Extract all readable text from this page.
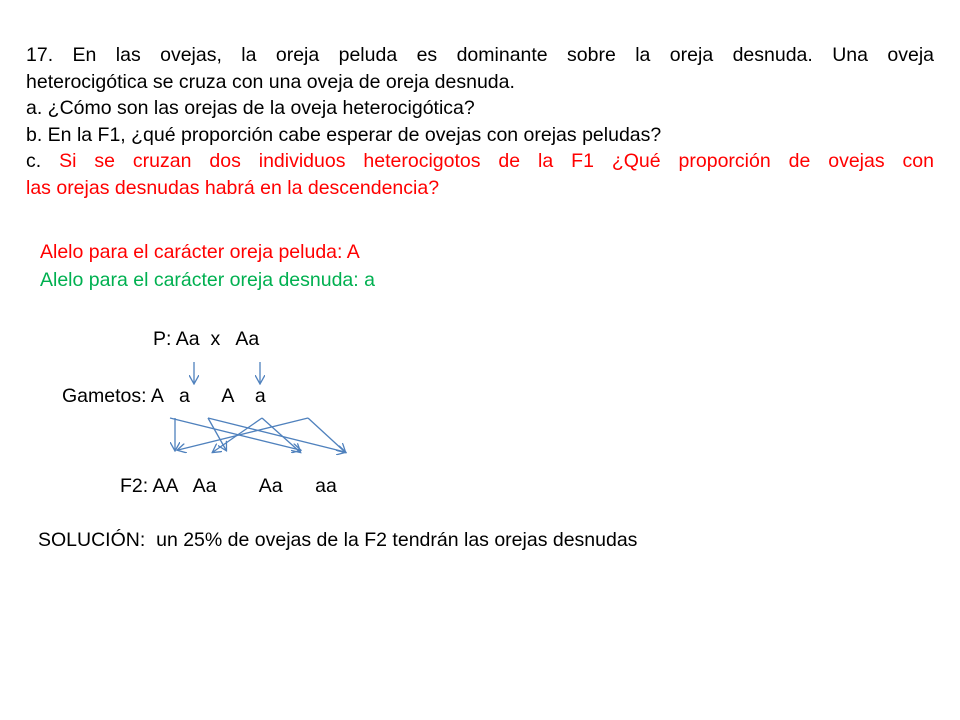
17. En las ovejas, la oreja peluda es dominante sobre la oreja desnuda. Una oveja

heterocigótica se cruza con una oveja de oreja desnuda.

a. ¿Cómo son las orejas de la oveja heterocigótica?

b. En la F1, ¿qué proporción cabe esperar de ovejas con orejas peludas?

c. Si se cruzan dos individuos heterocigotos de la F1 ¿Qué proporción de ovejas con

las orejas desnudas habrá en la descendencia?

Alelo para el carácter oreja peluda: A
Alelo para el carácter oreja desnuda: a
P: Aa  x   Aa
Gametos: A   a      A    a
F2: AA   Aa        Aa      aa
SOLUCIÓN:  un 25% de ovejas de la F2 tendrán las orejas desnudas
